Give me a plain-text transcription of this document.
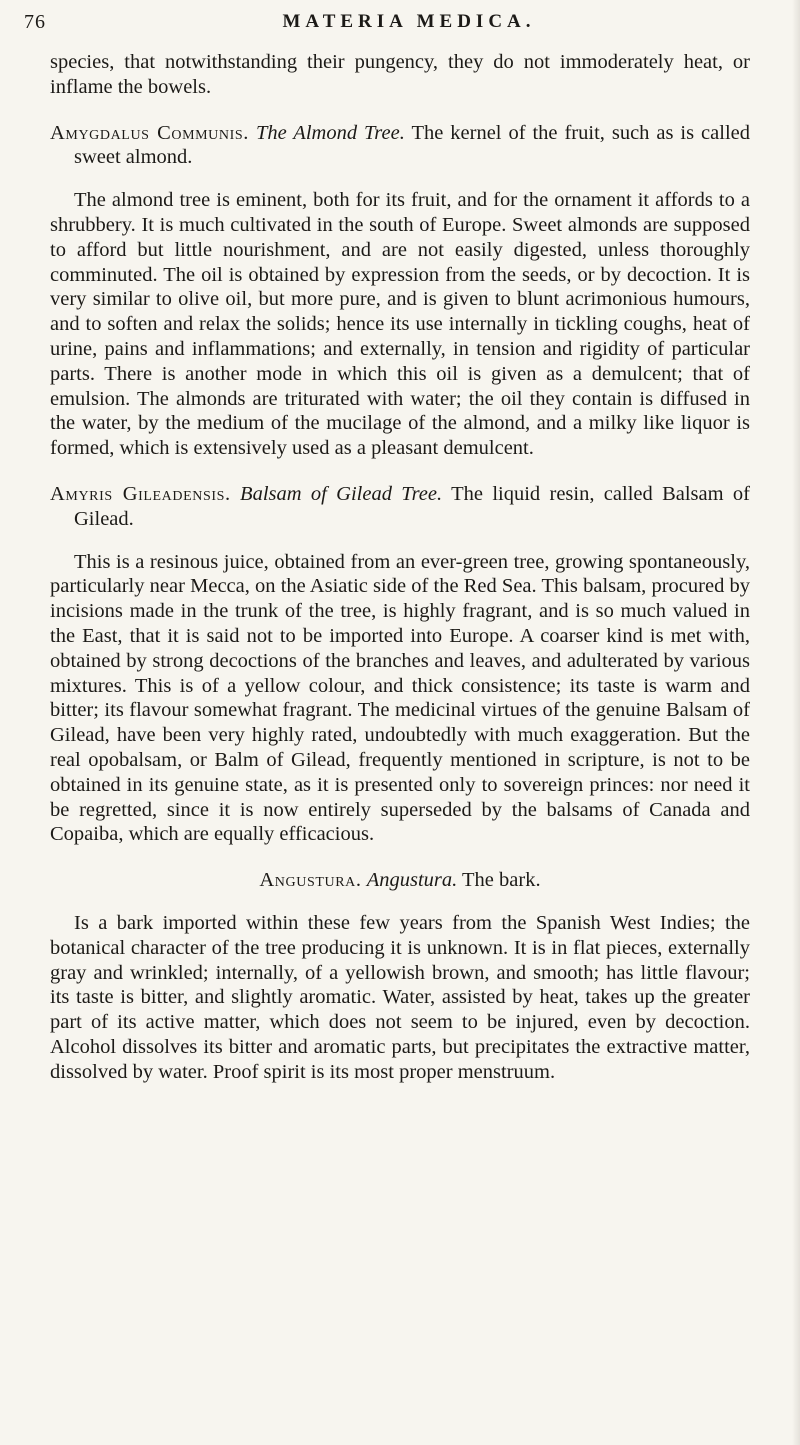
76	MATERIA MEDICA.

species, that notwithstanding their pungency, they do not immoderately heat, or inflame the bowels.

Amygdalus Communis. The Almond Tree. The kernel of the fruit, such as is called sweet almond.

The almond tree is eminent, both for its fruit, and for the ornament it affords to a shrubbery. It is much cultivated in the south of Europe. Sweet almonds are supposed to afford but little nourishment, and are not easily digested, unless thoroughly comminuted. The oil is obtained by expression from the seeds, or by decoction. It is very similar to olive oil, but more pure, and is given to blunt acrimonious humours, and to soften and relax the solids; hence its use internally in tickling coughs, heat of urine, pains and inflammations; and externally, in tension and rigidity of particular parts. There is another mode in which this oil is given as a demulcent; that of emulsion. The almonds are triturated with water; the oil they contain is diffused in the water, by the medium of the mucilage of the almond, and a milky like liquor is formed, which is extensively used as a pleasant demulcent.

Amyris Gileadensis. Balsam of Gilead Tree. The liquid resin, called Balsam of Gilead.

This is a resinous juice, obtained from an ever-green tree, growing spontaneously, particularly near Mecca, on the Asiatic side of the Red Sea. This balsam, procured by incisions made in the trunk of the tree, is highly fragrant, and is so much valued in the East, that it is said not to be imported into Europe. A coarser kind is met with, obtained by strong decoctions of the branches and leaves, and adulterated by various mixtures. This is of a yellow colour, and thick consistence; its taste is warm and bitter; its flavour somewhat fragrant. The medicinal virtues of the genuine Balsam of Gilead, have been very highly rated, undoubtedly with much exaggeration. But the real opobalsam, or Balm of Gilead, frequently mentioned in scripture, is not to be obtained in its genuine state, as it is presented only to sovereign princes: nor need it be regretted, since it is now entirely superseded by the balsams of Canada and Copaiba, which are equally efficacious.

Angustura. Angustura. The bark.

Is a bark imported within these few years from the Spanish West Indies; the botanical character of the tree producing it is unknown. It is in flat pieces, externally gray and wrinkled; internally, of a yellowish brown, and smooth; has little flavour; its taste is bitter, and slightly aromatic. Water, assisted by heat, takes up the greater part of its active matter, which does not seem to be injured, even by decoction. Alcohol dissolves its bitter and aromatic parts, but precipitates the extractive matter, dissolved by water. Proof spirit is its most proper menstruum.
